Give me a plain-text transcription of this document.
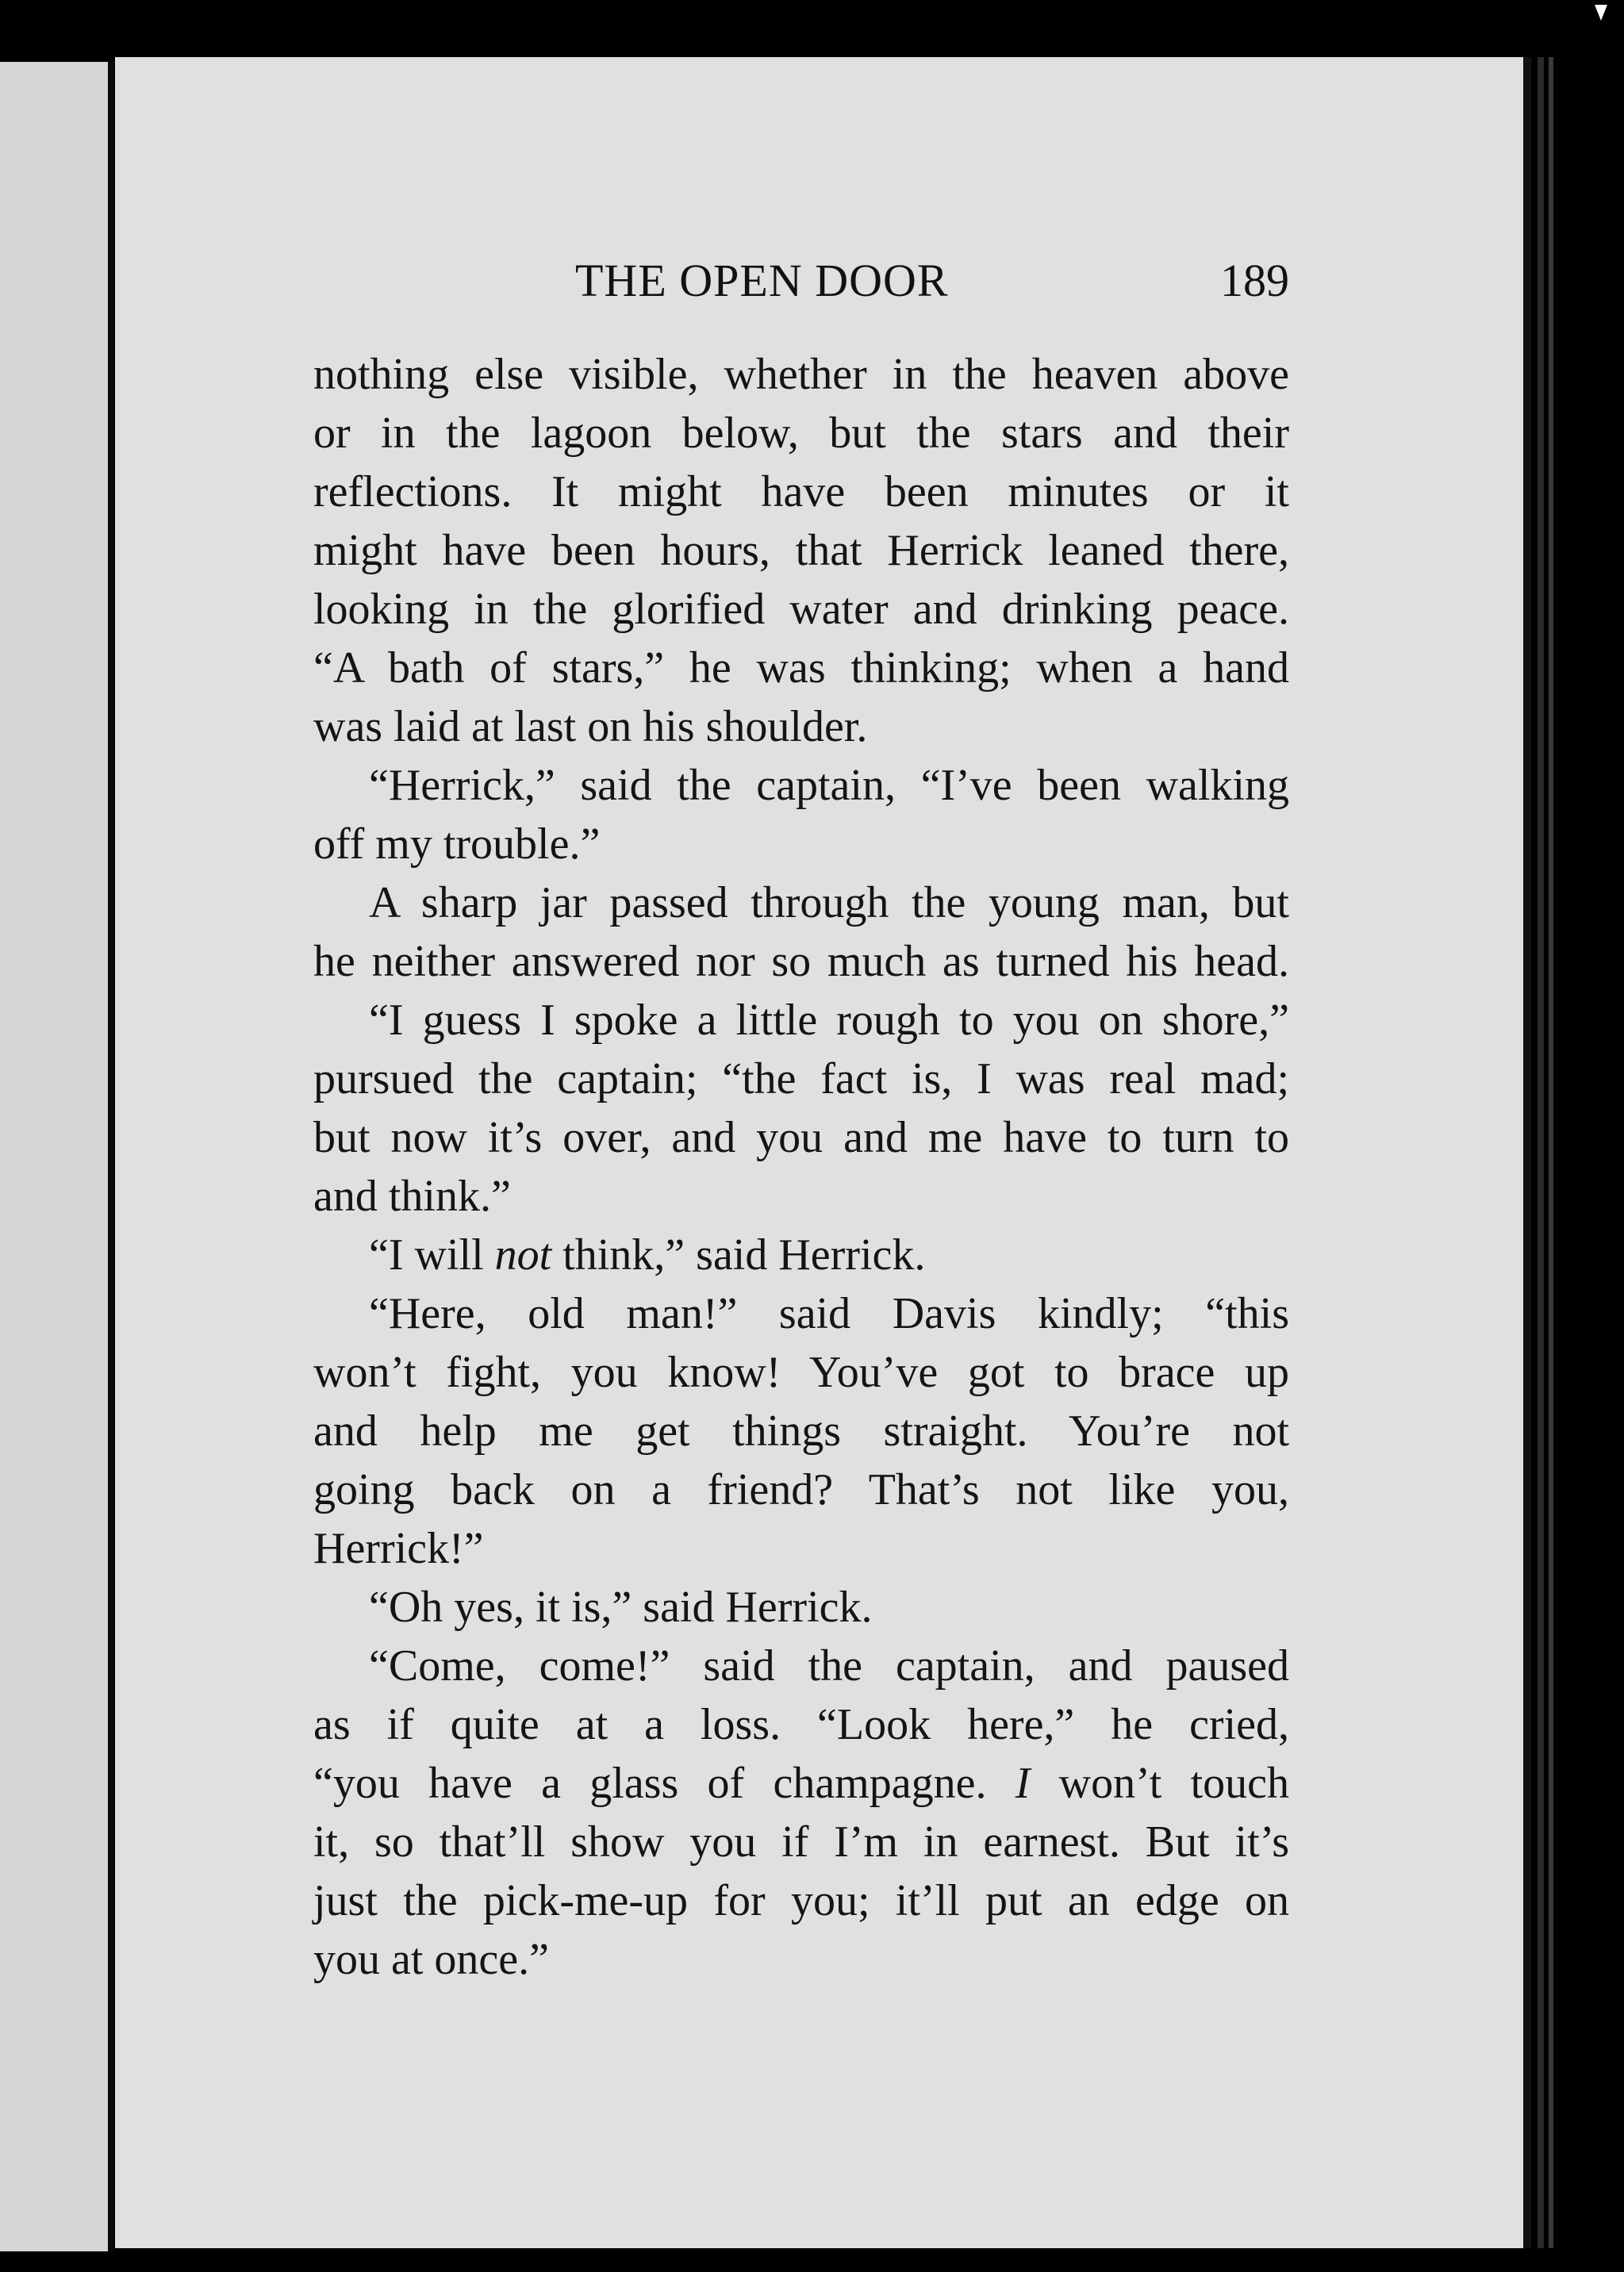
THE OPEN DOOR	189
nothing else visible, whether in the heaven above
or in the lagoon below, but the stars and their
reflections. It might have been minutes or it
might have been hours, that Herrick leaned there,
looking in the glorified water and drinking peace.
“A bath of stars,” he was thinking; when a hand
was laid at last on his shoulder.
“Herrick,” said the captain, “I’ve been walking
off my trouble.”
A sharp jar passed through the young man, but
he neither answered nor so much as turned his head.
“I guess I spoke a little rough to you on shore,”
pursued the captain; “the fact is, I was real mad;
but now it’s over, and you and me have to turn to
and think.”
“I will not think,” said Herrick.
“Here, old man!” said Davis kindly; “this
won’t fight, you know! You’ve got to brace up
and help me get things straight. You’re not
going back on a friend? That’s not like you,
Herrick!”
“Oh yes, it is,” said Herrick.
“Come, come!” said the captain, and paused
as if quite at a loss. “Look here,” he cried,
“you have a glass of champagne. I won’t touch
it, so that’ll show you if I’m in earnest. But it’s
just the pick-me-up for you; it’ll put an edge on
you at once.”
